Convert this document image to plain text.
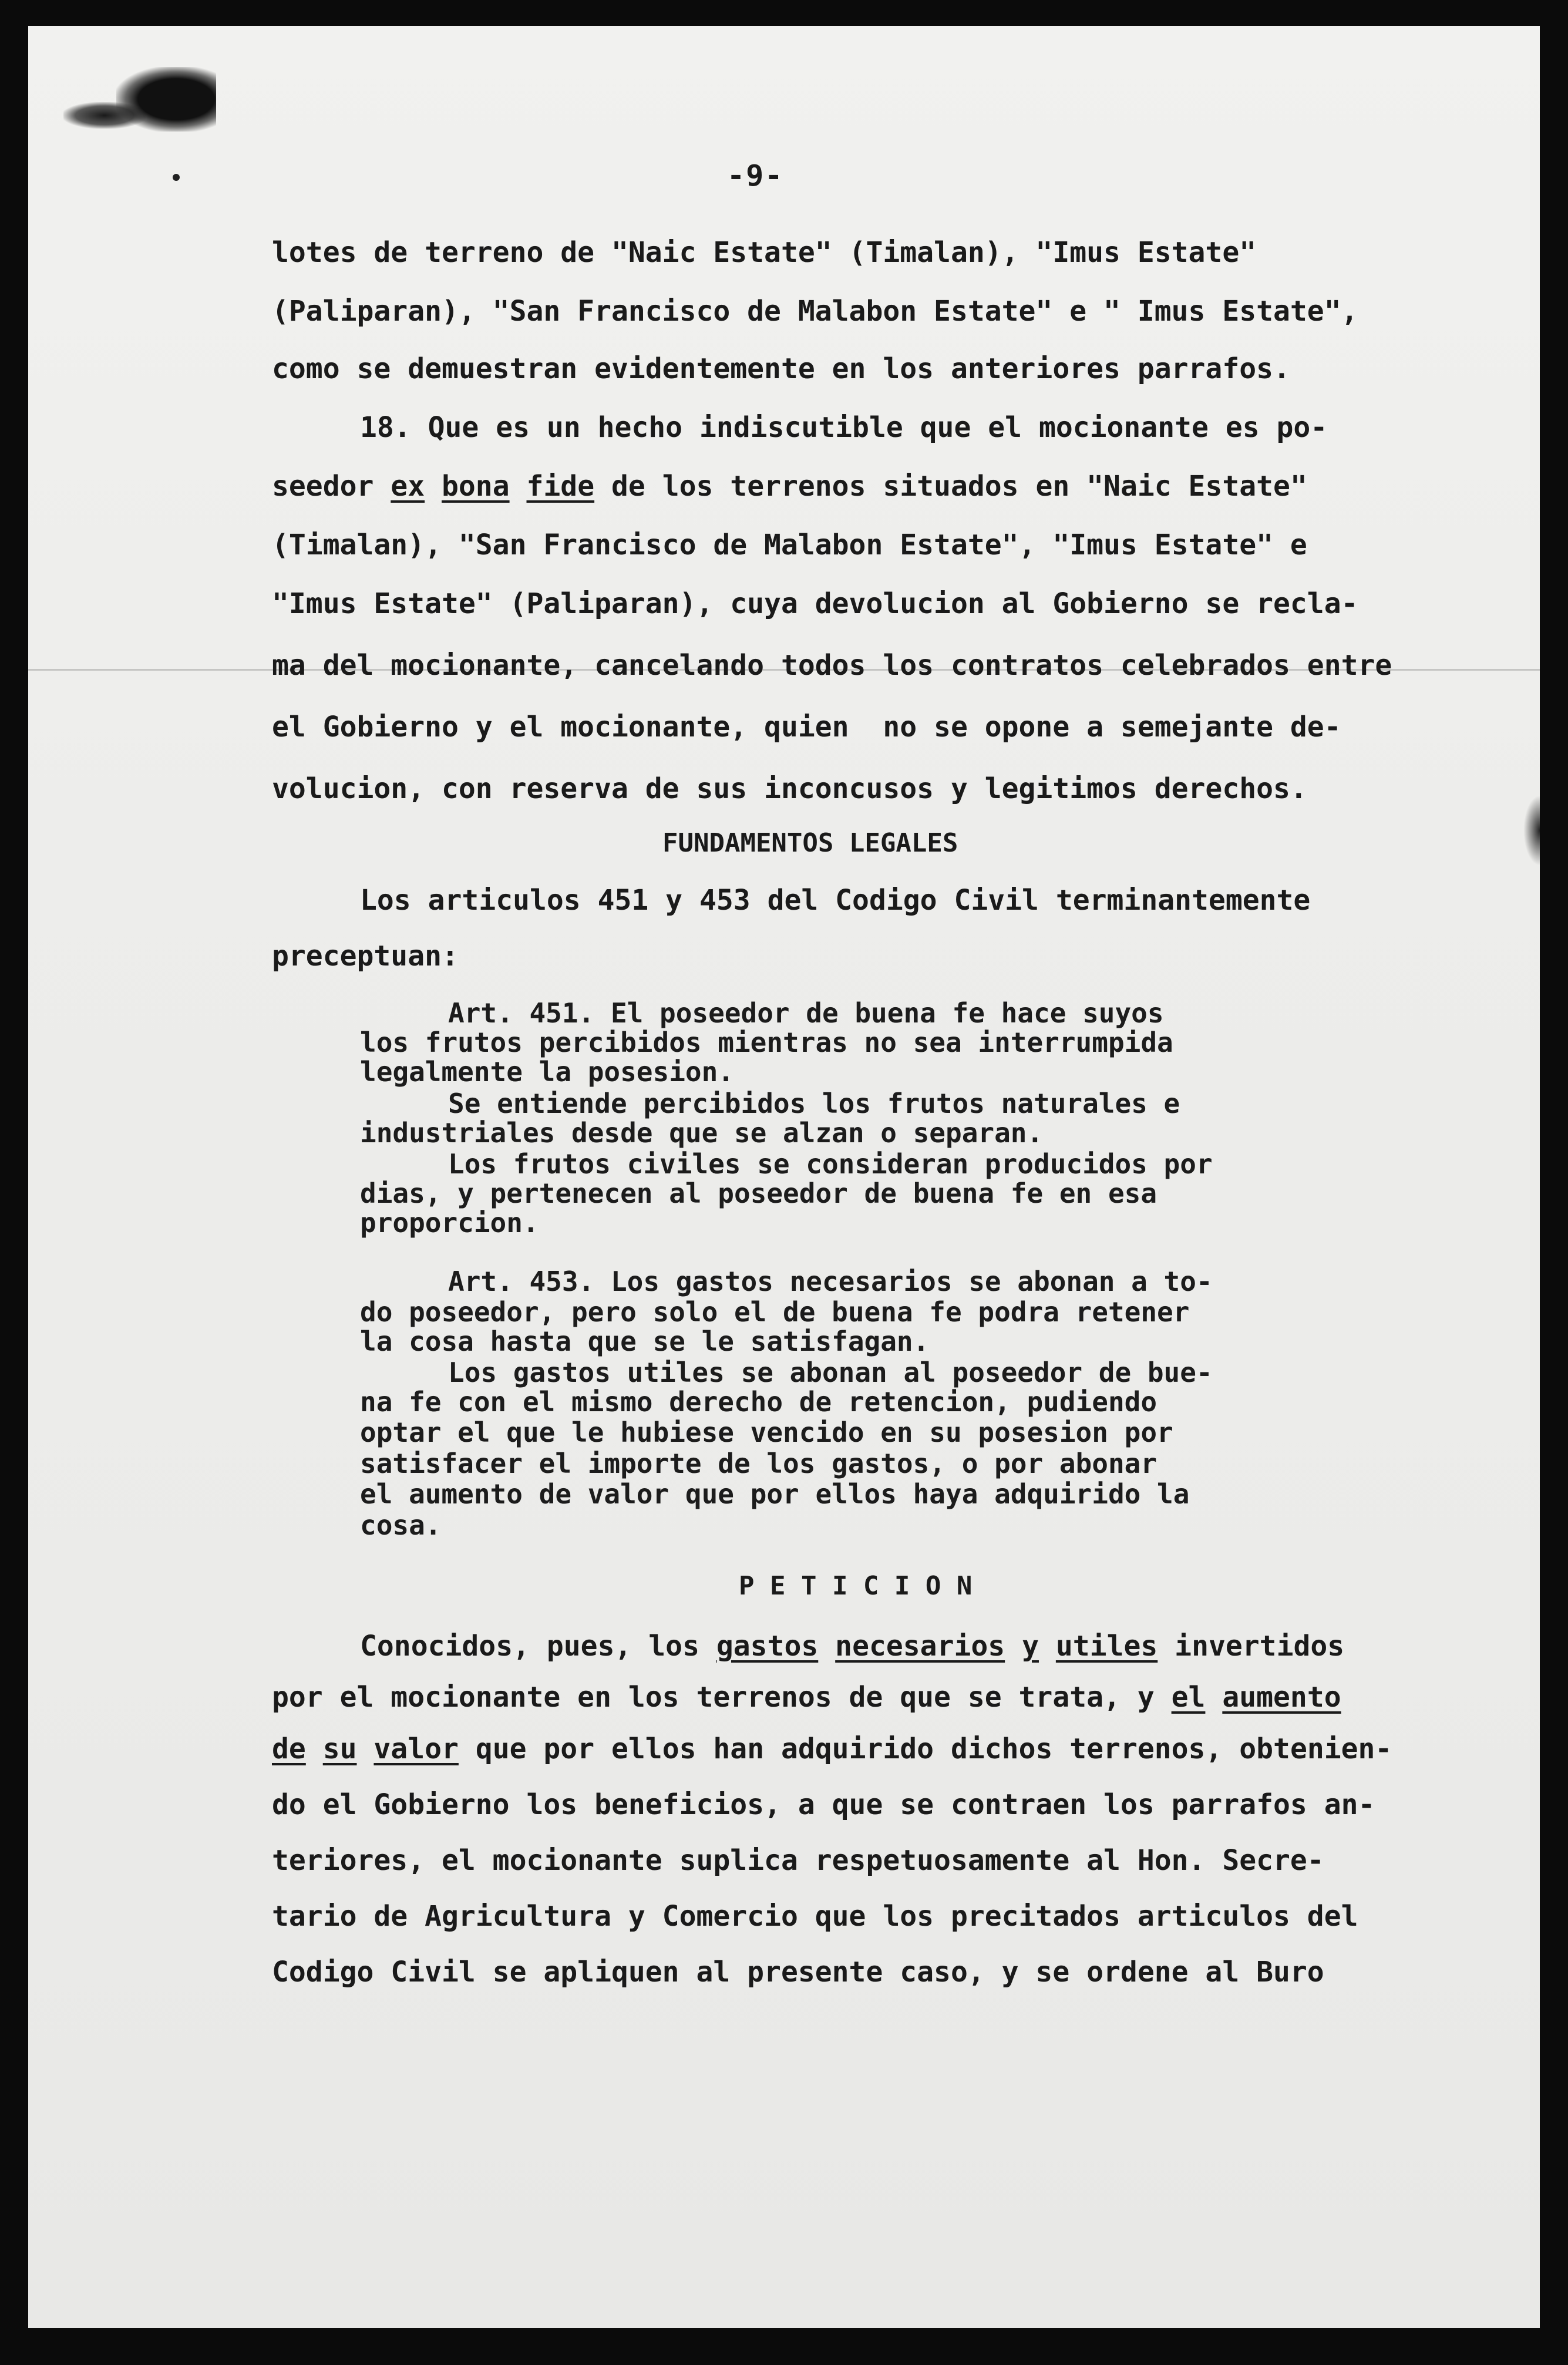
-9-
lotes de terreno de "Naic Estate" (Timalan), "Imus Estate"
(Paliparan), "San Francisco de Malabon Estate" e " Imus Estate",
como se demuestran evidentemente en los anteriores parrafos.
18. Que es un hecho indiscutible que el mocionante es po-
seedor ex bona fide de los terrenos situados en "Naic Estate"
(Timalan), "San Francisco de Malabon Estate", "Imus Estate" e
"Imus Estate" (Paliparan), cuya devolucion al Gobierno se recla-
ma del mocionante, cancelando todos los contratos celebrados entre
el Gobierno y el mocionante, quien  no se opone a semejante de-
volucion, con reserva de sus inconcusos y legitimos derechos.
FUNDAMENTOS LEGALES
Los articulos 451 y 453 del Codigo Civil terminantemente
preceptuan:
Art. 451. El poseedor de buena fe hace suyos
los frutos percibidos mientras no sea interrumpida
legalmente la posesion.
Se entiende percibidos los frutos naturales e
industriales desde que se alzan o separan.
Los frutos civiles se consideran producidos por
dias, y pertenecen al poseedor de buena fe en esa
proporcion.
Art. 453. Los gastos necesarios se abonan a to-
do poseedor, pero solo el de buena fe podra retener
la cosa hasta que se le satisfagan.
Los gastos utiles se abonan al poseedor de bue-
na fe con el mismo derecho de retencion, pudiendo
optar el que le hubiese vencido en su posesion por
satisfacer el importe de los gastos, o por abonar
el aumento de valor que por ellos haya adquirido la
cosa.
P E T I C I O N
Conocidos, pues, los gastos necesarios y utiles invertidos
por el mocionante en los terrenos de que se trata, y el aumento
de su valor que por ellos han adquirido dichos terrenos, obtenien-
do el Gobierno los beneficios, a que se contraen los parrafos an-
teriores, el mocionante suplica respetuosamente al Hon. Secre-
tario de Agricultura y Comercio que los precitados articulos del
Codigo Civil se apliquen al presente caso, y se ordene al Buro
